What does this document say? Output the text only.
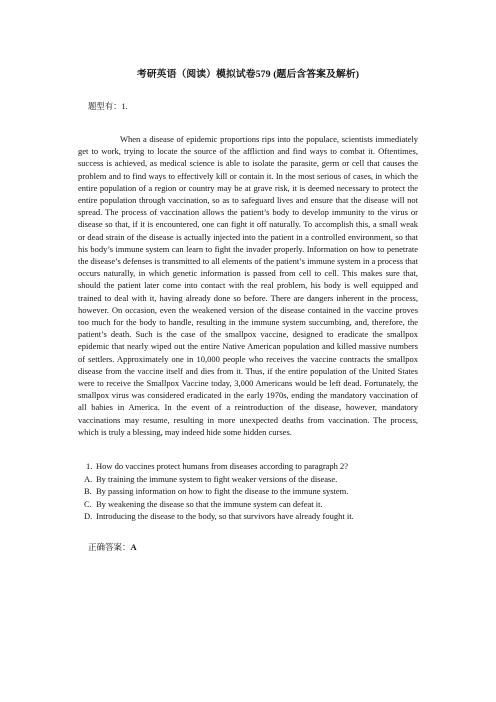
考研英语（阅读）模拟试卷579 (题后含答案及解析)
题型有：1.

When a disease of epidemic proportions rips into the populace, scientists immediately get to work, trying to locate the source of the affliction and find ways to combat it. Oftentimes, success is achieved, as medical science is able to isolate the parasite, germ or cell that causes the problem and to find ways to effectively kill or contain it. In the most serious of cases, in which the entire population of a region or country may be at grave risk, it is deemed necessary to protect the entire population through vaccination, so as to safeguard lives and ensure that the disease will not spread. The process of vaccination allows the patient’s body to develop immunity to the virus or disease so that, if it is encountered, one can fight it off naturally. To accomplish this, a small weak or dead strain of the disease is actually injected into the patient in a controlled environment, so that his body’s immune system can learn to fight the invader properly. Information on how to penetrate the disease’s defenses is transmitted to all elements of the patient’s immune system in a process that occurs naturally, in which genetic information is passed from cell to cell. This makes sure that, should the patient later come into contact with the real problem, his body is well equipped and trained to deal with it, having already done so before. There are dangers inherent in the process, however. On occasion, even the weakened version of the disease contained in the vaccine proves too much for the body to handle, resulting in the immune system succumbing, and, therefore, the patient’s death. Such is the case of the smallpox vaccine, designed to eradicate the smallpox epidemic that nearly wiped out the entire Native American population and killed massive numbers of settlers. Approximately one in 10,000 people who receives the vaccine contracts the smallpox disease from the vaccine itself and dies from it. Thus, if the entire population of the United States were to receive the Smallpox Vaccine today, 3,000 Americans would be left dead. Fortunately, the smallpox virus was considered eradicated in the early 1970s, ending the mandatory vaccination of all babies in America. In the event of a reintroduction of the disease, however, mandatory vaccinations may resume, resulting in more unexpected deaths from vaccination. The process, which is truly a blessing, may indeed hide some hidden curses.

1. How do vaccines protect humans from diseases according to paragraph 2?
A. By training the immune system to fight weaker versions of the disease.
B. By passing information on how to fight the disease to the immune system.
C. By weakening the disease so that the immune system can defeat it.
D. Introducing the disease to the body, so that survivors have already fought it.
正确答案：A
